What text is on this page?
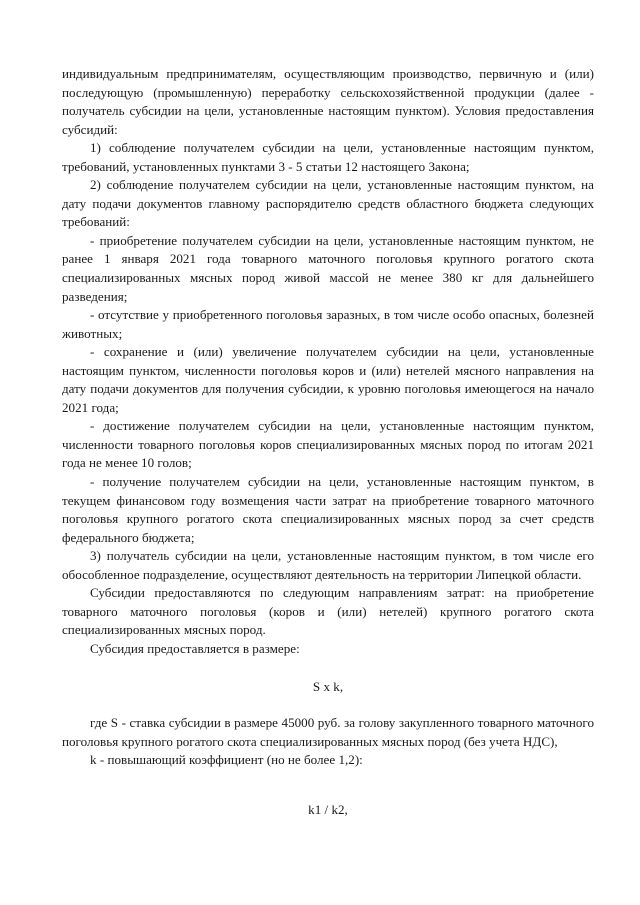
индивидуальным предпринимателям, осуществляющим производство, первичную и (или) последующую (промышленную) переработку сельскохозяйственной продукции (далее - получатель субсидии на цели, установленные настоящим пунктом). Условия предоставления субсидий:

1) соблюдение получателем субсидии на цели, установленные настоящим пунктом, требований, установленных пунктами 3 - 5 статьи 12 настоящего Закона;

2) соблюдение получателем субсидии на цели, установленные настоящим пунктом, на дату подачи документов главному распорядителю средств областного бюджета следующих требований:

- приобретение получателем субсидии на цели, установленные настоящим пунктом, не ранее 1 января 2021 года товарного маточного поголовья крупного рогатого скота специализированных мясных пород живой массой не менее 380 кг для дальнейшего разведения;

- отсутствие у приобретенного поголовья заразных, в том числе особо опасных, болезней животных;

- сохранение и (или) увеличение получателем субсидии на цели, установленные настоящим пунктом, численности поголовья коров и (или) нетелей мясного направления на дату подачи документов для получения субсидии, к уровню поголовья имеющегося на начало 2021 года;

- достижение получателем субсидии на цели, установленные настоящим пунктом, численности товарного поголовья коров специализированных мясных пород по итогам 2021 года не менее 10 голов;

- получение получателем субсидии на цели, установленные настоящим пунктом, в текущем финансовом году возмещения части затрат на приобретение товарного маточного поголовья крупного рогатого скота специализированных мясных пород за счет средств федерального бюджета;

3) получатель субсидии на цели, установленные настоящим пунктом, в том числе его обособленное подразделение, осуществляют деятельность на территории Липецкой области.

Субсидии предоставляются по следующим направлениям затрат: на приобретение товарного маточного поголовья (коров и (или) нетелей) крупного рогатого скота специализированных мясных пород.

Субсидия предоставляется в размере:

S x k,

где S - ставка субсидии в размере 45000 руб. за голову закупленного товарного маточного поголовья крупного рогатого скота специализированных мясных пород (без учета НДС),

k - повышающий коэффициент (но не более 1,2):

k1 / k2,
